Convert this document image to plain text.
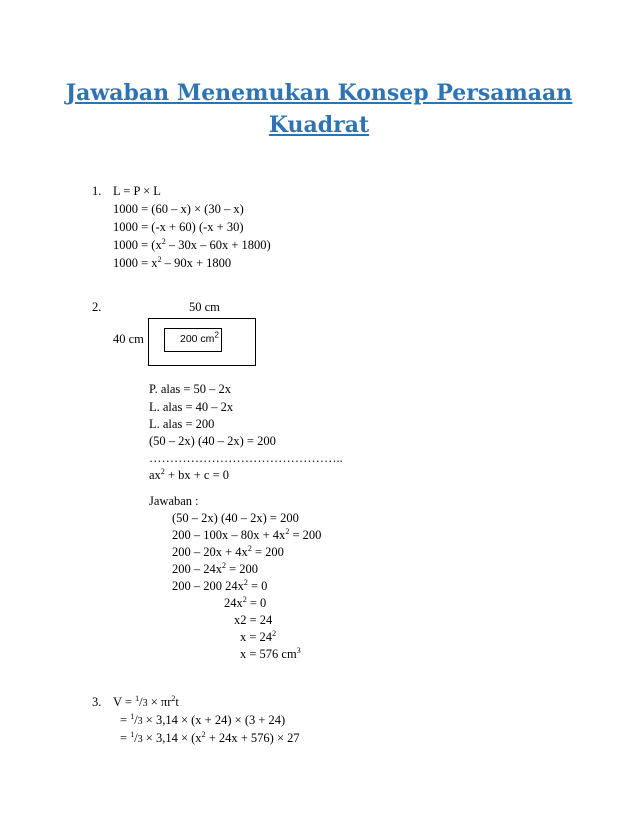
Jawaban Menemukan Konsep Persamaan
Kuadrat
1. L = P × L
1000 = (60 – x) × (30 – x)
1000 = (-x + 60) (-x + 30)
$1000 = (x^2 - 30x - 60x + 1800)$
$1000 = x^2 - 90x + 1800$
2.	50 cm
40 cm	200 $cm^2$
P. alas = 50 – 2x
L. alas = 40 – 2x
L. alas = 200
(50 – 2x) (40 – 2x) = 200
………………………………………..
$ax^2$ + bx + c = 0
Jawaban :
(50 – 2x) (40 – 2x) = 200
$200 - 100x - 80x + 4x^2 = 200$
$200 - 20x + 4x^2 = 200$
$200 - 24x^2 = 200$
200 – 200 $24x^2 = 0$
$24x^2 = 0$
x2 = 24
$x = 24^2$
x = 576 $cm^3$
3. $V = ^1/3 \times \pi r^2t$
= $^1$/3 × 3,14 × (x + 24) × (3 + 24)
= $^1/3 \times 3,14 \times (x^2 + 24x + 576) \times 27$
